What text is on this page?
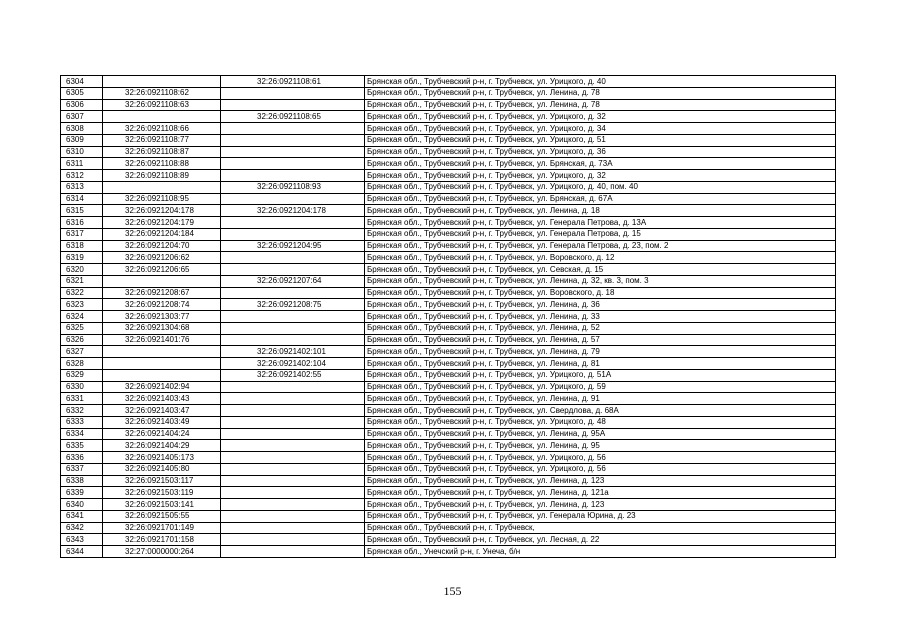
6304		32:26:0921108:61	Брянская обл., Трубчевский р-н, г. Трубчевск, ул. Урицкого, д. 40
6305	32:26:0921108:62		Брянская обл., Трубчевский р-н, г. Трубчевск, ул. Ленина, д. 78
6306	32:26:0921108:63		Брянская обл., Трубчевский р-н, г. Трубчевск, ул. Ленина, д. 78
6307		32:26:0921108:65	Брянская обл., Трубчевский р-н, г. Трубчевск, ул. Урицкого, д. 32
6308	32:26:0921108:66		Брянская обл., Трубчевский р-н, г. Трубчевск, ул. Урицкого, д. 34
6309	32:26:0921108:77		Брянская обл., Трубчевский р-н, г. Трубчевск, ул. Урицкого, д. 51
6310	32:26:0921108:87		Брянская обл., Трубчевский р-н, г. Трубчевск, ул. Урицкого, д. 36
6311	32:26:0921108:88		Брянская обл., Трубчевский р-н, г. Трубчевск, ул. Брянская, д. 73А
6312	32:26:0921108:89		Брянская обл., Трубчевский р-н, г. Трубчевск, ул. Урицкого, д. 32
6313		32:26:0921108:93	Брянская обл., Трубчевский р-н, г. Трубчевск, ул. Урицкого, д. 40, пом. 40
6314	32:26:0921108:95		Брянская обл., Трубчевский р-н, г. Трубчевск, ул. Брянская, д. 67А
6315	32:26:0921204:178	32:26:0921204:178	Брянская обл., Трубчевский р-н, г. Трубчевск, ул. Ленина, д. 18
6316	32:26:0921204:179		Брянская обл., Трубчевский р-н, г. Трубчевск, ул. Генерала Петрова, д. 13А
6317	32:26:0921204:184		Брянская обл., Трубчевский р-н, г. Трубчевск, ул. Генерала Петрова, д. 15
6318	32:26:0921204:70	32:26:0921204:95	Брянская обл., Трубчевский р-н, г. Трубчевск, ул. Генерала Петрова, д. 23, пом. 2
6319	32:26:0921206:62		Брянская обл., Трубчевский р-н, г. Трубчевск, ул. Воровского, д. 12
6320	32:26:0921206:65		Брянская обл., Трубчевский р-н, г. Трубчевск, ул. Севская, д. 15
6321		32:26:0921207:64	Брянская обл., Трубчевский р-н, г. Трубчевск, ул. Ленина, д. 32, кв. 3, пом. 3
6322	32:26:0921208:67		Брянская обл., Трубчевский р-н, г. Трубчевск, ул. Воровского, д. 18
6323	32:26:0921208:74	32:26:0921208:75	Брянская обл., Трубчевский р-н, г. Трубчевск, ул. Ленина, д. 36
6324	32:26:0921303:77		Брянская обл., Трубчевский р-н, г. Трубчевск, ул. Ленина, д. 33
6325	32:26:0921304:68		Брянская обл., Трубчевский р-н, г. Трубчевск, ул. Ленина, д. 52
6326	32:26:0921401:76		Брянская обл., Трубчевский р-н, г. Трубчевск, ул. Ленина, д. 57
6327		32:26:0921402:101	Брянская обл., Трубчевский р-н, г. Трубчевск, ул. Ленина, д. 79
6328		32:26:0921402:104	Брянская обл., Трубчевский р-н, г. Трубчевск, ул. Ленина, д. 81
6329		32:26:0921402:55	Брянская обл., Трубчевский р-н, г. Трубчевск, ул. Урицкого, д. 51А
6330	32:26:0921402:94		Брянская обл., Трубчевский р-н, г. Трубчевск, ул. Урицкого, д. 59
6331	32:26:0921403:43		Брянская обл., Трубчевский р-н, г. Трубчевск, ул. Ленина, д. 91
6332	32:26:0921403:47		Брянская обл., Трубчевский р-н, г. Трубчевск, ул. Свердлова, д. 68А
6333	32:26:0921403:49		Брянская обл., Трубчевский р-н, г. Трубчевск, ул. Урицкого, д. 48
6334	32:26:0921404:24		Брянская обл., Трубчевский р-н, г. Трубчевск, ул. Ленина, д. 95А
6335	32:26:0921404:29		Брянская обл., Трубчевский р-н, г. Трубчевск, ул. Ленина, д. 95
6336	32:26:0921405:173		Брянская обл., Трубчевский р-н, г. Трубчевск, ул. Урицкого, д. 56
6337	32:26:0921405:80		Брянская обл., Трубчевский р-н, г. Трубчевск, ул. Урицкого, д. 56
6338	32:26:0921503:117		Брянская обл., Трубчевский р-н, г. Трубчевск, ул. Ленина, д. 123
6339	32:26:0921503:119		Брянская обл., Трубчевский р-н, г. Трубчевск, ул. Ленина, д. 121а
6340	32:26:0921503:141		Брянская обл., Трубчевский р-н, г. Трубчевск, ул. Ленина, д. 123
6341	32:26:0921505:55		Брянская обл., Трубчевский р-н, г. Трубчевск, ул. Генерала Юрина, д. 23
6342	32:26:0921701:149		Брянская обл., Трубчевский р-н, г. Трубчевск,
6343	32:26:0921701:158		Брянская обл., Трубчевский р-н, г. Трубчевск, ул. Лесная, д. 22
6344	32:27:0000000:264		Брянская обл., Унечский р-н, г. Унеча, б/н
155
